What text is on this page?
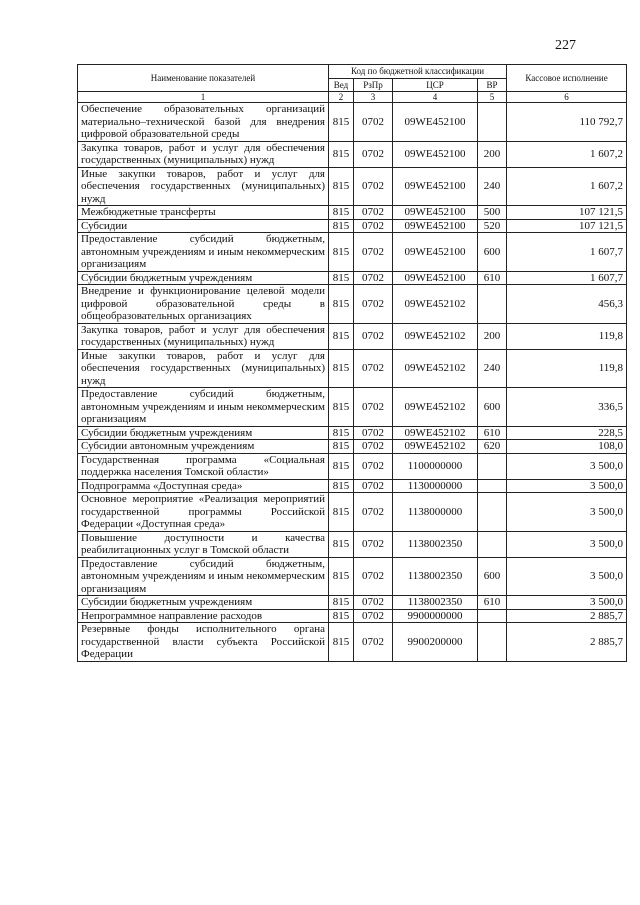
227
Наименование показателей	Код по бюджетной классификации				Кассовое исполнение
	Вед	РзПр	ЦСР	ВР	
1	2	3	4	5	6
Обеспечение образовательных организаций материально–технической базой для внедрения цифровой образовательной среды	815	0702	09WE452100		110 792,7
Закупка товаров, работ и услуг для обеспечения государственных (муниципальных) нужд	815	0702	09WE452100	200	1 607,2
Иные закупки товаров, работ и услуг для обеспечения государственных (муниципальных) нужд	815	0702	09WE452100	240	1 607,2
Межбюджетные трансферты	815	0702	09WE452100	500	107 121,5
Субсидии	815	0702	09WE452100	520	107 121,5
Предоставление субсидий бюджетным, автономным учреждениям и иным некоммерческим организациям	815	0702	09WE452100	600	1 607,7
Субсидии бюджетным учреждениям	815	0702	09WE452100	610	1 607,7
Внедрение и функционирование целевой модели цифровой образовательной среды в общеобразовательных организациях	815	0702	09WE452102		456,3
Закупка товаров, работ и услуг для обеспечения государственных (муниципальных) нужд	815	0702	09WE452102	200	119,8
Иные закупки товаров, работ и услуг для обеспечения государственных (муниципальных) нужд	815	0702	09WE452102	240	119,8
Предоставление субсидий бюджетным, автономным учреждениям и иным некоммерческим организациям	815	0702	09WE452102	600	336,5
Субсидии бюджетным учреждениям	815	0702	09WE452102	610	228,5
Субсидии автономным учреждениям	815	0702	09WE452102	620	108,0
Государственная программа «Социальная поддержка населения Томской области»	815	0702	1100000000		3 500,0
Подпрограмма «Доступная среда»	815	0702	1130000000		3 500,0
Основное мероприятие «Реализация мероприятий государственной программы Российской Федерации «Доступная среда»	815	0702	1138000000		3 500,0
Повышение доступности и качества реабилитационных услуг в Томской области	815	0702	1138002350		3 500,0
Предоставление субсидий бюджетным, автономным учреждениям и иным некоммерческим организациям	815	0702	1138002350	600	3 500,0
Субсидии бюджетным учреждениям	815	0702	1138002350	610	3 500,0
Непрограммное направление расходов	815	0702	9900000000		2 885,7
Резервные фонды исполнительного органа государственной власти субъекта Российской Федерации	815	0702	9900200000		2 885,7
